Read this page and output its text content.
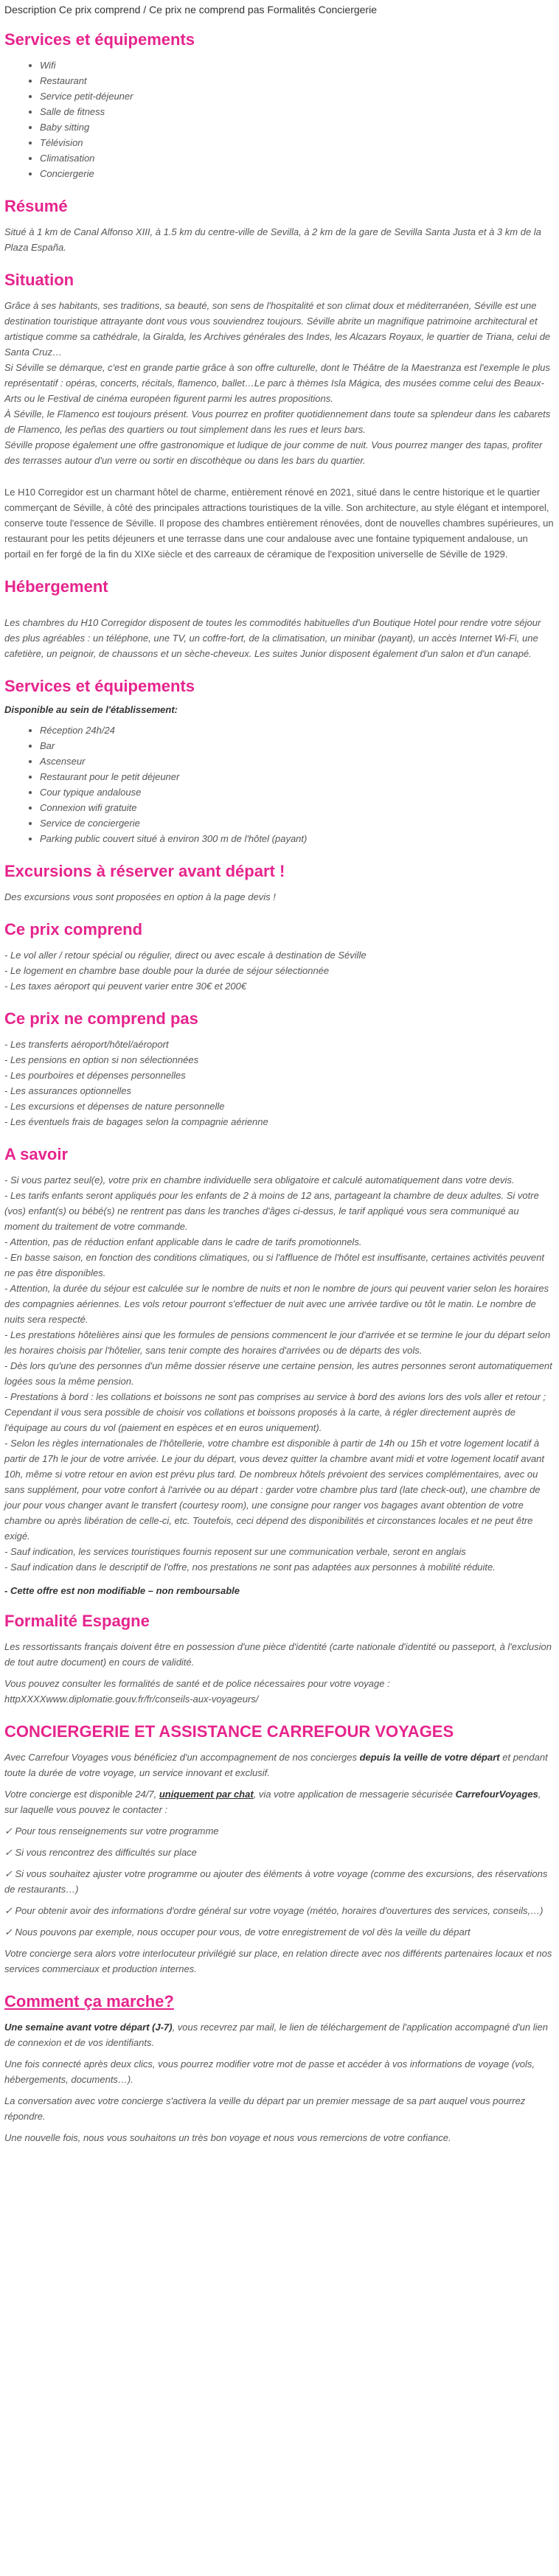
Description Ce prix comprend / Ce prix ne comprend pas Formalités Conciergerie
Services et équipements
• Wifi
• Restaurant
• Service petit-déjeuner
• Salle de fitness
• Baby sitting
• Télévision
• Climatisation
• Conciergerie
Résumé

Situé à 1 km de Canal Alfonso XIII, à 1.5 km du centre-ville de Sevilla, à 2 km de la gare de Sevilla Santa Justa et à 3 km de la Plaza España.

Situation

Grâce à ses habitants, ses traditions, sa beauté, son sens de l'hospitalité et son climat doux et méditerranéen, Séville est une destination touristique attrayante dont vous vous souviendrez toujours. Séville abrite un magnifique patrimoine architectural et artistique comme sa cathédrale, la Giralda, les Archives générales des Indes, les Alcazars Royaux, le quartier de Triana, celui de Santa Cruz…

Si Séville se démarque, c'est en grande partie grâce à son offre culturelle, dont le Théâtre de la Maestranza est l'exemple le plus représentatif : opéras, concerts, récitals, flamenco, ballet…Le parc à thèmes Isla Mágica, des musées comme celui des Beaux-Arts ou le Festival de cinéma européen figurent parmi les autres propositions.

À Séville, le Flamenco est toujours présent. Vous pourrez en profiter quotidiennement dans toute sa splendeur dans les cabarets de Flamenco, les peñas des quartiers ou tout simplement dans les rues et leurs bars.

Séville propose également une offre gastronomique et ludique de jour comme de nuit. Vous pourrez manger des tapas, profiter des terrasses autour d'un verre ou sortir en discothèque ou dans les bars du quartier.

Le H10 Corregidor est un charmant hôtel de charme, entièrement rénové en 2021, situé dans le centre historique et le quartier commerçant de Séville, à côté des principales attractions touristiques de la ville. Son architecture, au style élégant et intemporel, conserve toute l'essence de Séville. Il propose des chambres entièrement rénovées, dont de nouvelles chambres supérieures, un restaurant pour les petits déjeuners et une terrasse dans une cour andalouse avec une fontaine typiquement andalouse, un portail en fer forgé de la fin du XIXe siècle et des carreaux de céramique de l'exposition universelle de Séville de 1929.

Hébergement

Les chambres du H10 Corregidor disposent de toutes les commodités habituelles d'un Boutique Hotel pour rendre votre séjour des plus agréables : un téléphone, une TV, un coffre-fort, de la climatisation, un minibar (payant), un accès Internet Wi-Fi, une cafetière, un peignoir, de chaussons et un sèche-cheveux. Les suites Junior disposent également d'un salon et d'un canapé.

Services et équipements
Disponible au sein de l'établissement:
• Réception 24h/24
• Bar
• Ascenseur
• Restaurant pour le petit déjeuner
• Cour typique andalouse
• Connexion wifi gratuite
• Service de conciergerie
• Parking public couvert situé à environ 300 m de l'hôtel (payant)
Excursions à réserver avant départ !

Des excursions vous sont proposées en option à la page devis !

Ce prix comprend
- Le vol aller / retour spécial ou régulier, direct ou avec escale à destination de Séville
- Le logement en chambre base double pour la durée de séjour sélectionnée
- Les taxes aéroport qui peuvent varier entre 30€ et 200€
Ce prix ne comprend pas
- Les transferts aéroport/hôtel/aéroport
- Les pensions en option si non sélectionnées
- Les pourboires et dépenses personnelles
- Les assurances optionnelles
- Les excursions et dépenses de nature personnelle
- Les éventuels frais de bagages selon la compagnie aérienne
A savoir
- Si vous partez seul(e), votre prix en chambre individuelle sera obligatoire et calculé automatiquement dans votre devis.
- Les tarifs enfants seront appliqués pour les enfants de 2 à moins de 12 ans, partageant la chambre de deux adultes. Si votre (vos) enfant(s) ou bébé(s) ne rentrent pas dans les tranches d'âges ci-dessus, le tarif appliqué vous sera communiqué au moment du traitement de votre commande.
- Attention, pas de réduction enfant applicable dans le cadre de tarifs promotionnels.
- En basse saison, en fonction des conditions climatiques, ou si l'affluence de l'hôtel est insuffisante, certaines activités peuvent ne pas être disponibles.
- Attention, la durée du séjour est calculée sur le nombre de nuits et non le nombre de jours qui peuvent varier selon les horaires des compagnies aériennes. Les vols retour pourront s'effectuer de nuit avec une arrivée tardive ou tôt le matin. Le nombre de nuits sera respecté.
- Les prestations hôtelières ainsi que les formules de pensions commencent le jour d'arrivée et se termine le jour du départ selon les horaires choisis par l'hôtelier, sans tenir compte des horaires d'arrivées ou de départs des vols.
- Dès lors qu'une des personnes d'un même dossier réserve une certaine pension, les autres personnes seront automatiquement logées sous la même pension.
- Prestations à bord : les collations et boissons ne sont pas comprises au service à bord des avions lors des vols aller et retour ; Cependant il vous sera possible de choisir vos collations et boissons proposés à la carte, à régler directement auprès de l'équipage au cours du vol (paiement en espèces et en euros uniquement).
- Selon les règles internationales de l'hôtellerie, votre chambre est disponible à partir de 14h ou 15h et votre logement locatif à partir de 17h le jour de votre arrivée. Le jour du départ, vous devez quitter la chambre avant midi et votre logement locatif avant 10h, même si votre retour en avion est prévu plus tard. De nombreux hôtels prévoient des services complémentaires, avec ou sans supplément, pour votre confort à l'arrivée ou au départ : garder votre chambre plus tard (late check-out), une chambre de jour pour vous changer avant le transfert (courtesy room), une consigne pour ranger vos bagages avant obtention de votre chambre ou après libération de celle-ci, etc. Toutefois, ceci dépend des disponibilités et circonstances locales et ne peut être exigé.
- Sauf indication, les services touristiques fournis reposent sur une communication verbale, seront en anglais
- Sauf indication dans le descriptif de l'offre, nos prestations ne sont pas adaptées aux personnes à mobilité réduite.
- Cette offre est non modifiable – non remboursable
Formalité Espagne

Les ressortissants français doivent être en possession d'une pièce d'identité (carte nationale d'identité ou passeport, à l'exclusion de tout autre document) en cours de validité.

Vous pouvez consulter les formalités de santé et de police nécessaires pour votre voyage :

httpXXXXwww.diplomatie.gouv.fr/fr/conseils-aux-voyageurs/

CONCIERGERIE ET ASSISTANCE CARREFOUR VOYAGES

Avec Carrefour Voyages vous bénéficiez d'un accompagnement de nos concierges depuis la veille de votre départ et pendant toute la durée de votre voyage, un service innovant et exclusif.

Votre concierge est disponible 24/7, uniquement par chat, via votre application de messagerie sécurisée CarrefourVoyages, sur laquelle vous pouvez le contacter :

✓ Pour tous renseignements sur votre programme

✓ Si vous rencontrez des difficultés sur place

✓ Si vous souhaitez ajuster votre programme ou ajouter des éléments à votre voyage (comme des excursions, des réservations de restaurants…)

✓ Pour obtenir avoir des informations d'ordre général sur votre voyage (météo, horaires d'ouvertures des services, conseils,…)

✓ Nous pouvons par exemple, nous occuper pour vous, de votre enregistrement de vol dès la veille du départ

Votre concierge sera alors votre interlocuteur privilégié sur place, en relation directe avec nos différents partenaires locaux et nos services commerciaux et production internes.

Comment ça marche?

Une semaine avant votre départ (J-7), vous recevrez par mail, le lien de téléchargement de l'application accompagné d'un lien de connexion et de vos identifiants.

Une fois connecté après deux clics, vous pourrez modifier votre mot de passe et accéder à vos informations de voyage (vols, hébergements, documents…).

La conversation avec votre concierge s'activera la veille du départ par un premier message de sa part auquel vous pourrez répondre.

Une nouvelle fois, nous vous souhaitons un très bon voyage et nous vous remercions de votre confiance.
